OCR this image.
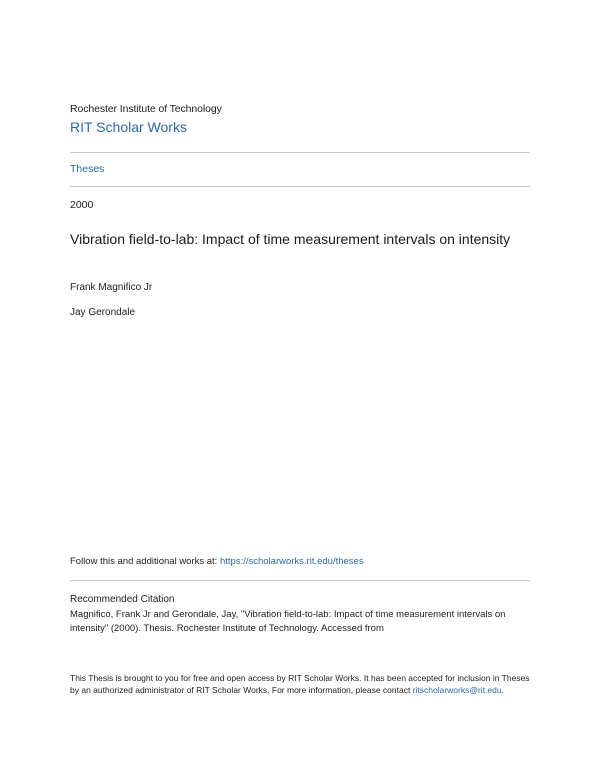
Rochester Institute of Technology
RIT Scholar Works
Theses
2000
Vibration field-to-lab: Impact of time measurement intervals on intensity
Frank Magnifico Jr
Jay Gerondale
Follow this and additional works at: https://scholarworks.rit.edu/theses
Recommended Citation
Magnifico, Frank Jr and Gerondale, Jay, "Vibration field-to-lab: Impact of time measurement intervals on intensity" (2000). Thesis. Rochester Institute of Technology. Accessed from
This Thesis is brought to you for free and open access by RIT Scholar Works. It has been accepted for inclusion in Theses by an authorized administrator of RIT Scholar Works. For more information, please contact ritscholarworks@rit.edu.
